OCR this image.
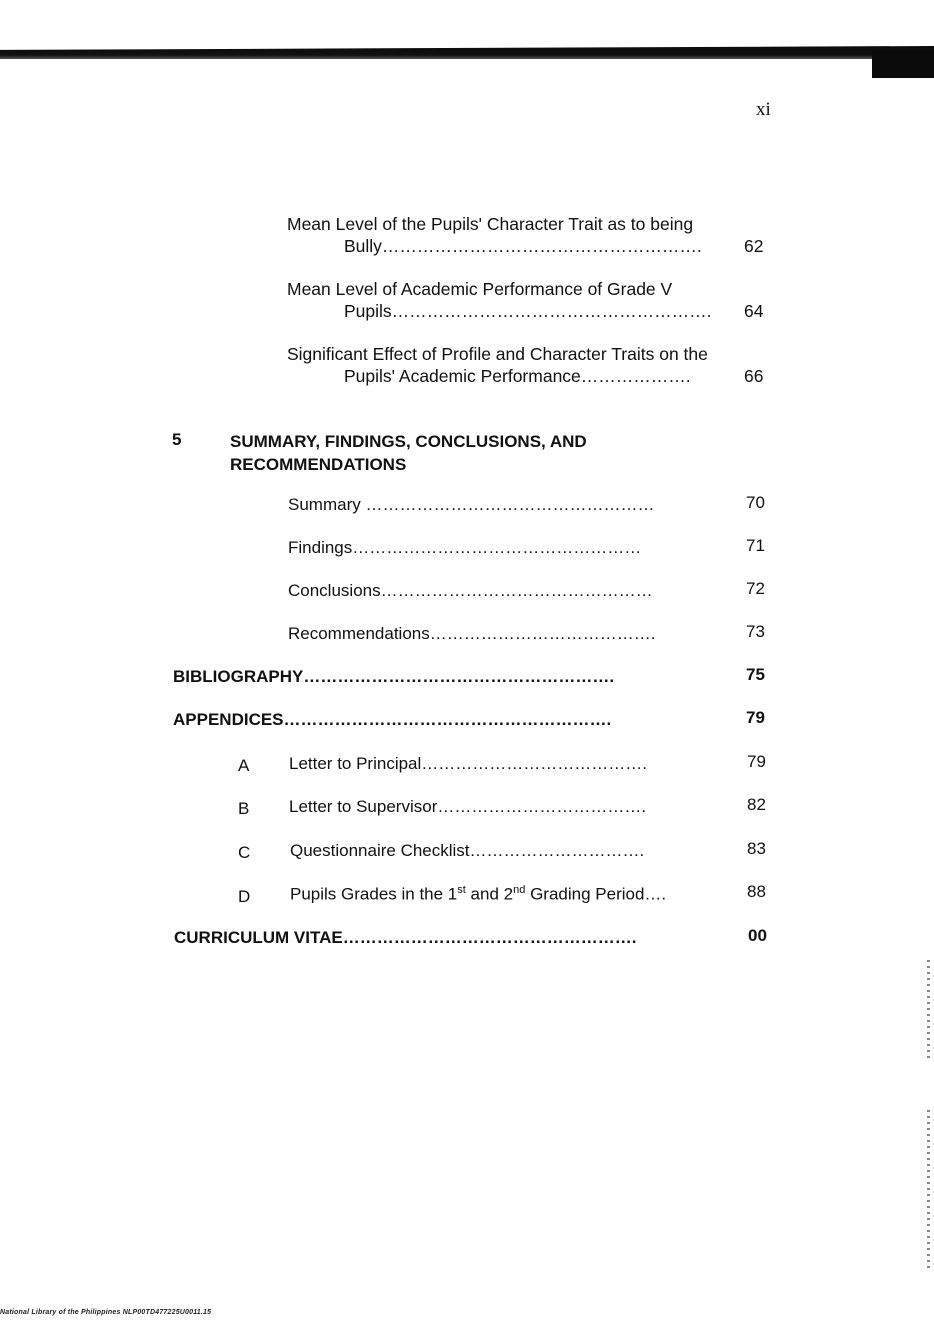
xi
Mean Level of the Pupils' Character Trait as to being
Bully……………………………………………….	62
Mean Level of Academic Performance of Grade V
Pupils……………………………………………….	64
Significant Effect of Profile and Character Traits on the
Pupils' Academic Performance……………….	66
5	SUMMARY, FINDINGS, CONCLUSIONS, AND
RECOMMENDATIONS
Summary ……………………………………………	70
Findings……………………………………………	71
Conclusions…………………………………………	72
Recommendations………………………………….	73
BIBLIOGRAPHY……………………………………………….	75
APPENDICES………………………………………………….	79
A Letter to Principal………………………………….	79
B Letter to Supervisor……………………………….	82
C Questionnaire Checklist………………………….	83
D Pupils Grades in the 1st and 2nd Grading Period….	88
CURRICULUM VITAE…………………………………………….	00
National Library of the Philippines NLP00TD477225U0011.15
